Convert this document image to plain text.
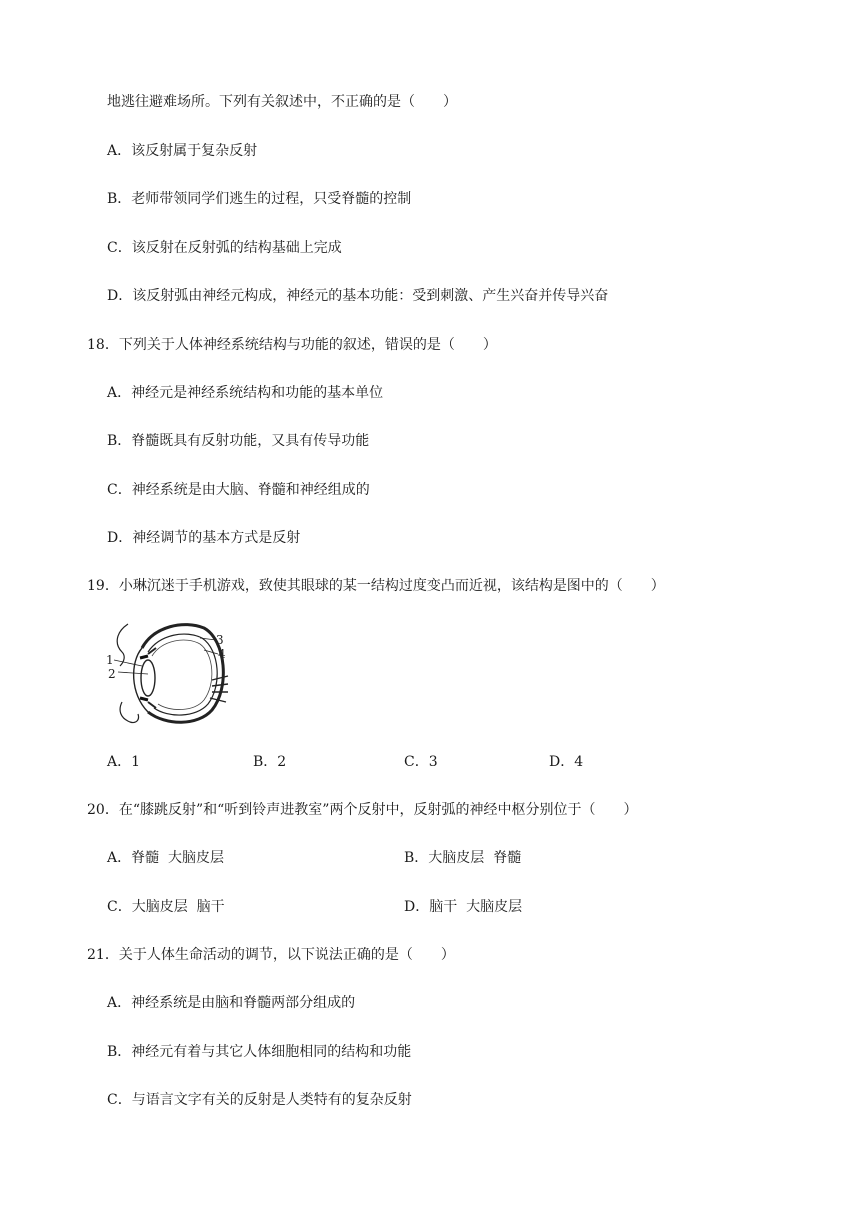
地逃往避难场所。下列有关叙述中，不正确的是（　　）
A．该反射属于复杂反射
B．老师带领同学们逃生的过程，只受脊髓的控制
C．该反射在反射弧的结构基础上完成
D．该反射弧由神经元构成，神经元的基本功能：受到刺激、产生兴奋并传导兴奋
18．下列关于人体神经系统结构与功能的叙述，错误的是（　　）
A．神经元是神经系统结构和功能的基本单位
B．脊髓既具有反射功能，又具有传导功能
C．神经系统是由大脑、脊髓和神经组成的
D．神经调节的基本方式是反射
19．小琳沉迷于手机游戏，致使其眼球的某一结构过度变凸而近视，该结构是图中的（　　）
1
2
3
4
A．1	B．2	C．3	D．4
20．在“膝跳反射”和“听到铃声进教室”两个反射中，反射弧的神经中枢分别位于（　　）
A．脊髓  大脑皮层	B．大脑皮层  脊髓
C．大脑皮层  脑干	D．脑干  大脑皮层
21．关于人体生命活动的调节，以下说法正确的是（　　）
A．神经系统是由脑和脊髓两部分组成的
B．神经元有着与其它人体细胞相同的结构和功能
C．与语言文字有关的反射是人类特有的复杂反射
